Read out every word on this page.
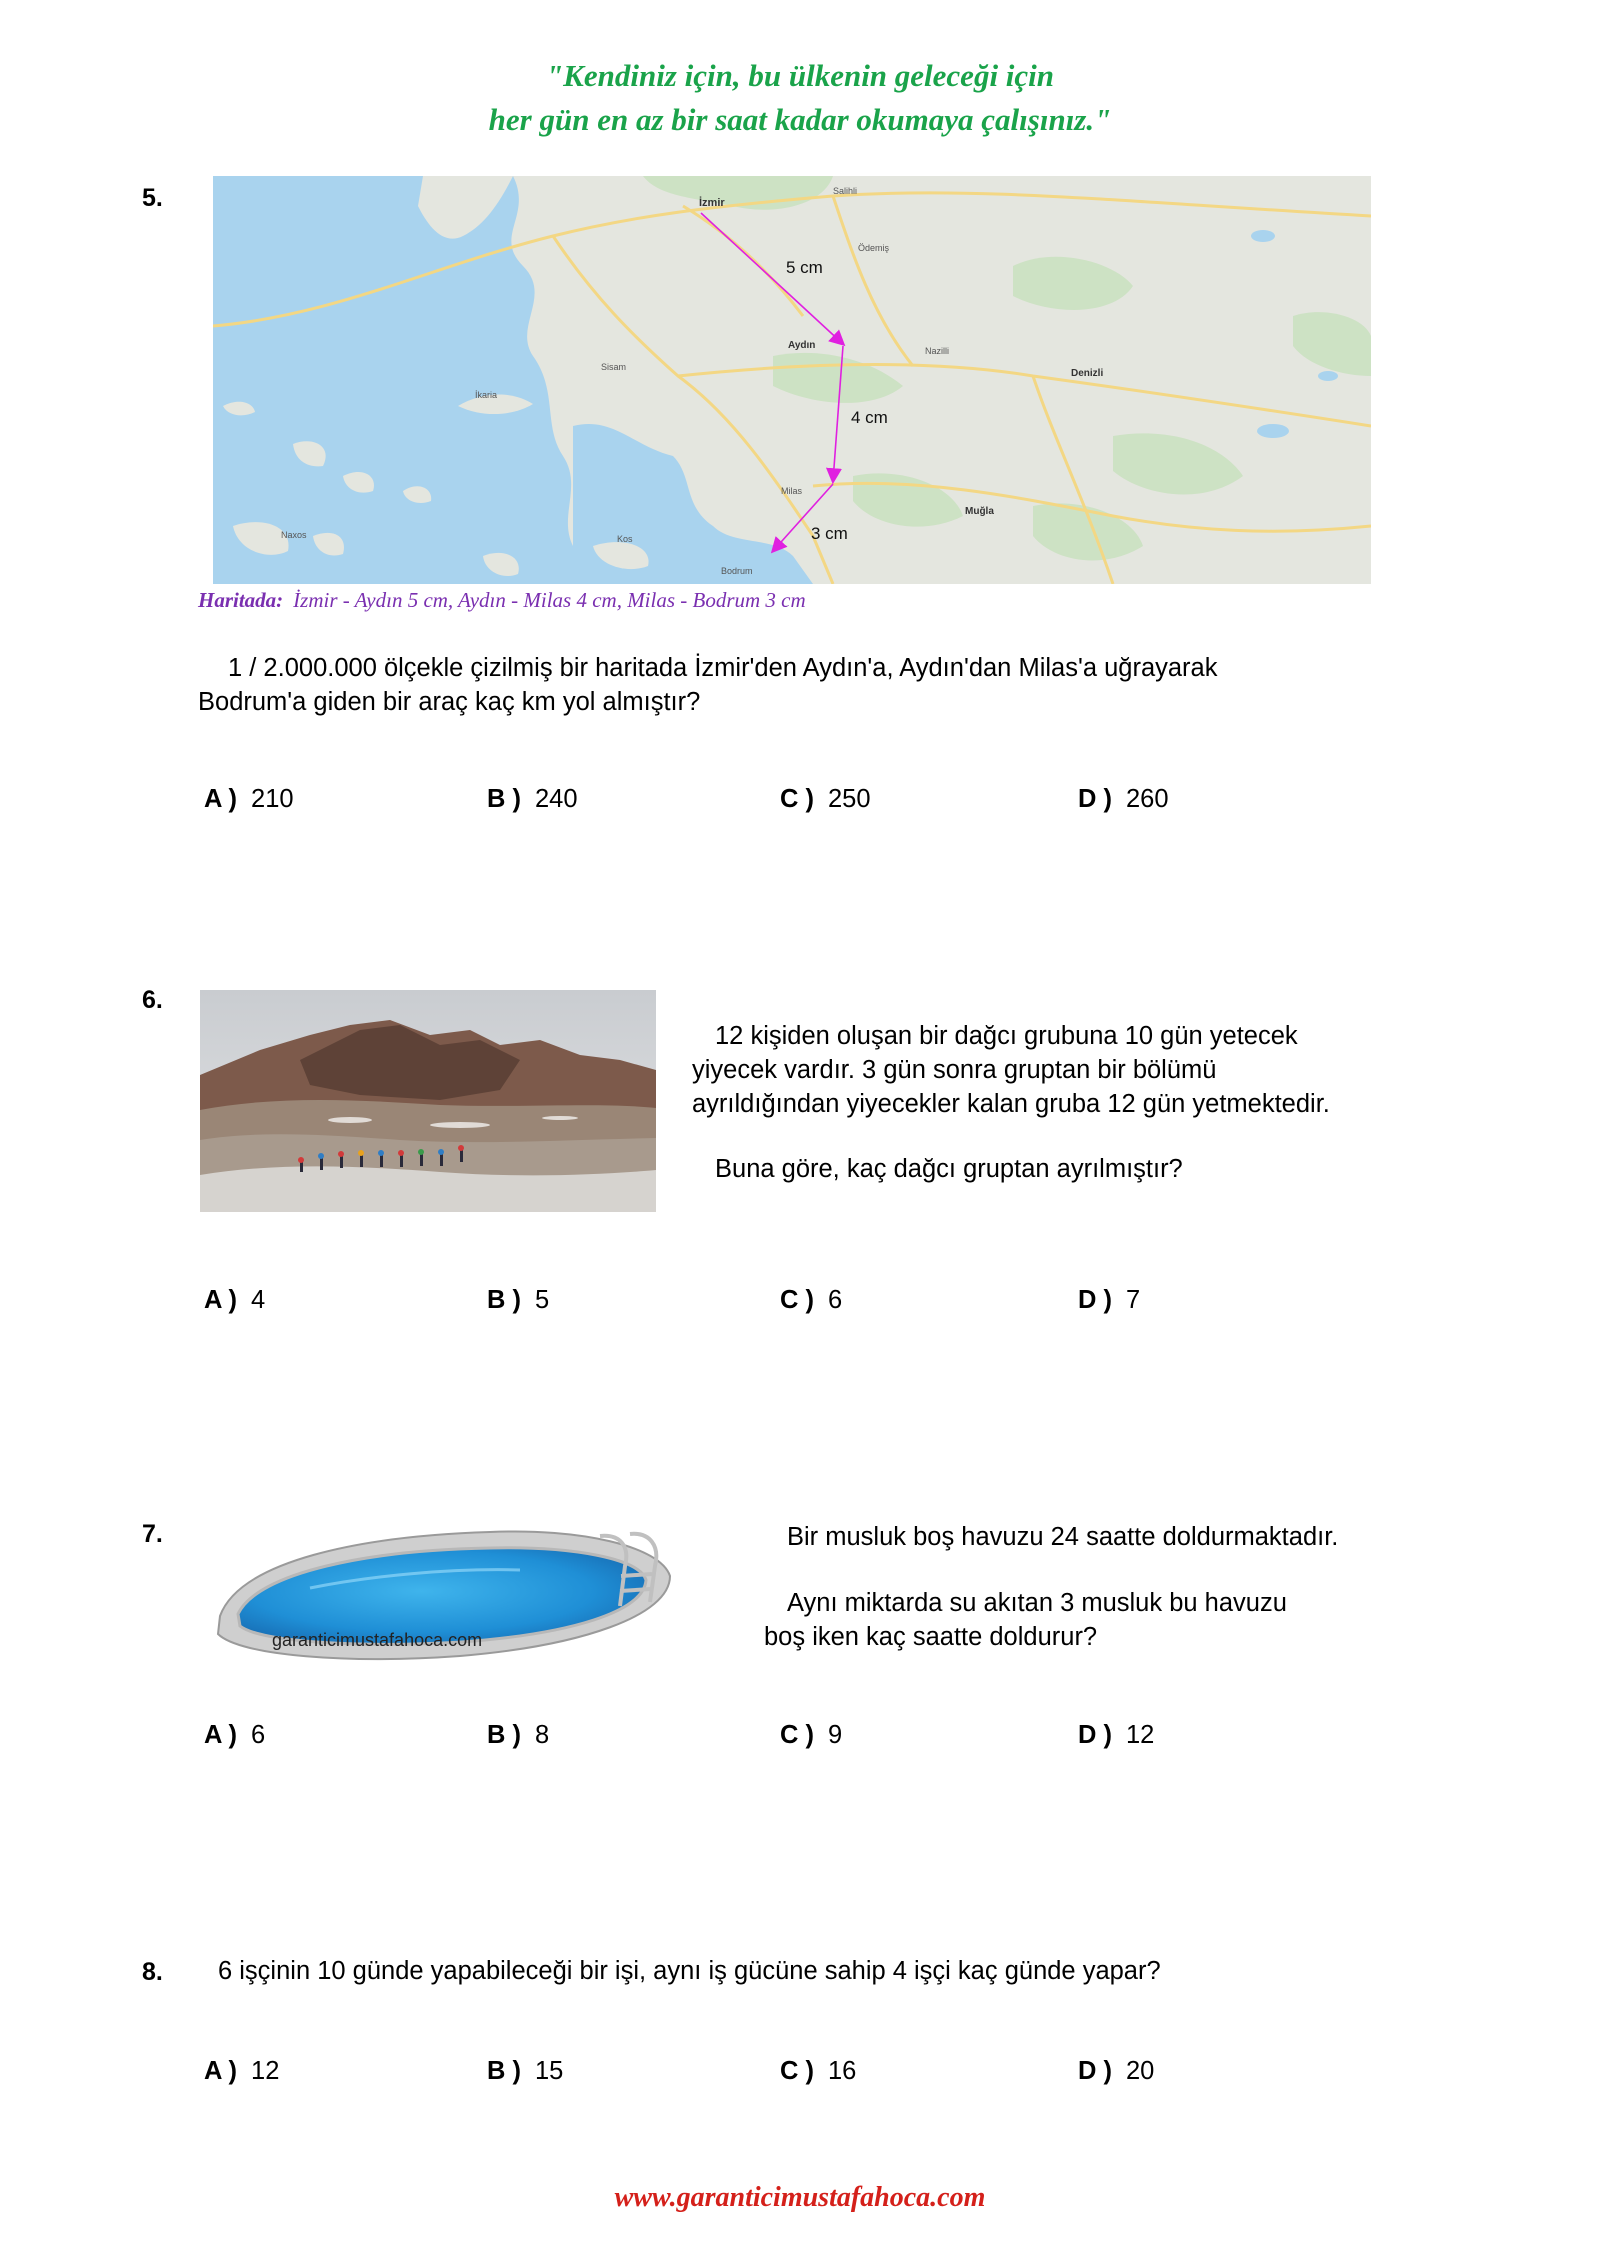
"Kendiniz için, bu ülkenin geleceği için
her gün en az bir saat kadar okumaya çalışınız."
5.	İzmir
Salihli
Ödemiş
Nazilli
Aydın
Denizli
Milas
Muğla
Bodrum
İkaria
Sisam
Kos
Naxos
5 cm
4 cm
3 cm
Haritada: İzmir - Aydın 5 cm, Aydın - Milas 4 cm, Milas - Bodrum 3 cm
1 / 2.000.000 ölçekle çizilmiş bir haritada İzmir'den Aydın'a, Aydın'dan Milas'a uğrayarak
Bodrum'a giden bir araç kaç km yol almıştır?
A ) 210	B ) 240	C ) 250	D ) 260
6.
12 kişiden oluşan bir dağcı grubuna 10 gün yetecek
yiyecek vardır. 3 gün sonra gruptan bir bölümü
ayrıldığından yiyecekler kalan gruba 12 gün yetmektedir.
Buna göre, kaç dağcı gruptan ayrılmıştır?
A ) 4	B ) 5	C ) 6	D ) 7
7.
garanticimustafahoca.com
Bir musluk boş havuzu 24 saatte doldurmaktadır.
Aynı miktarda su akıtan 3 musluk bu havuzu
boş iken kaç saatte doldurur?
A ) 6	B ) 8	C ) 9	D ) 12
8. 6 işçinin 10 günde yapabileceği bir işi, aynı iş gücüne sahip 4 işçi kaç günde yapar?
A ) 12	B ) 15	C ) 16	D ) 20
www.garanticimustafahoca.com
